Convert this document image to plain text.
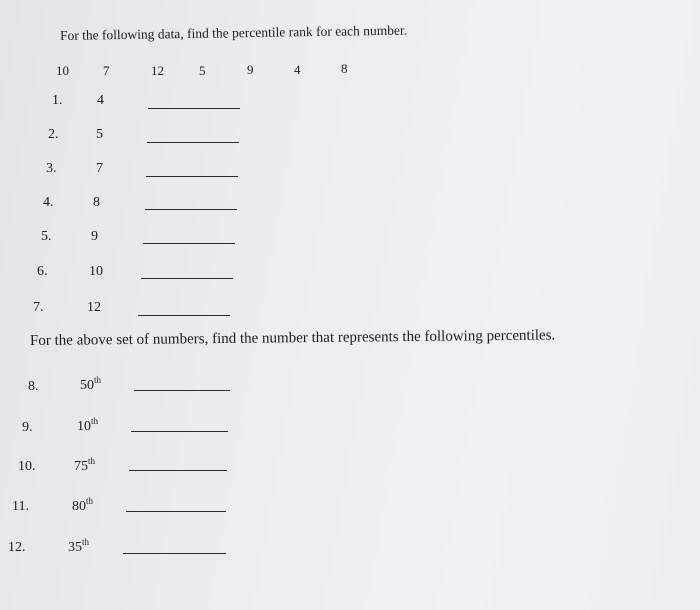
For the following data, find the percentile rank for each number.
10	7	12	5	9	4	8
1. 4
2.	5
3.	7
4.	8
5.	9
6.	10
7.	12
For the above set of numbers, find the number that represents the following percentiles.
8.	50th
9.	10th
10.	75th
11.	80th
12.	35th
